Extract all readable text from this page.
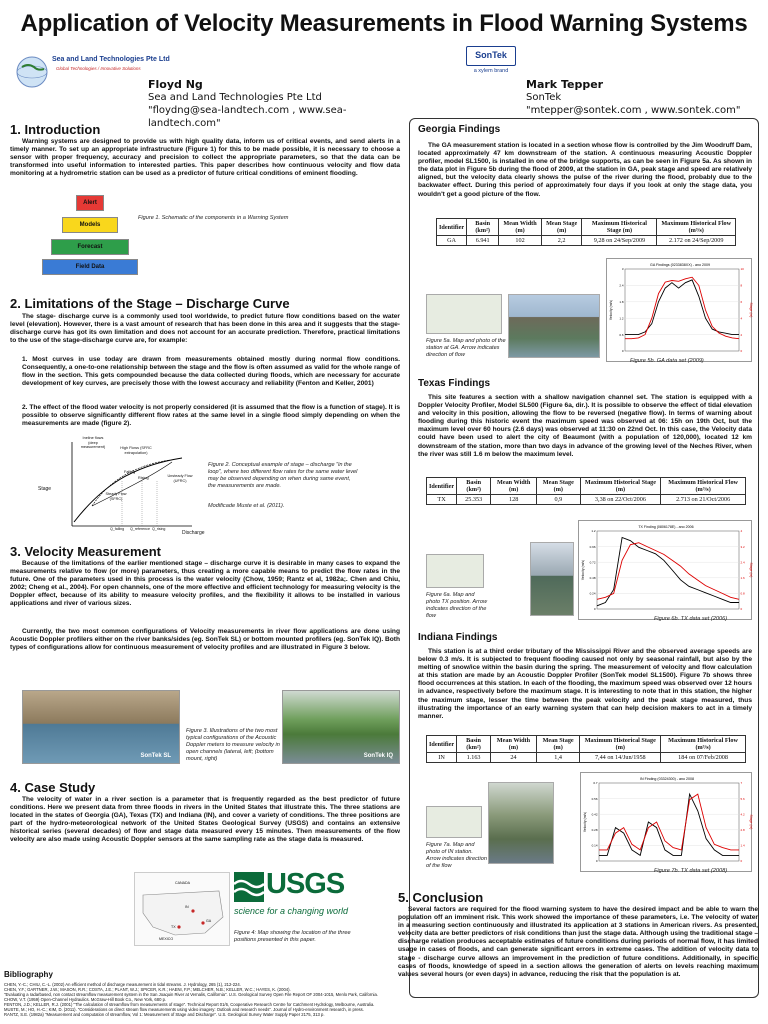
Application of Velocity Measurements in Flood Warning Systems
Sea and Land Technologies Pte Ltd
Global Technologies / Innovative Solutions
Floyd Ng
Sea and Land Technologies Pte Ltd
"floydng@sea-landtech.com , www.sea-landtech.com"
SonTek
a xylem brand
Mark Tepper
SonTek
"mtepper@sontek.com , www.sontek.com"
1. Introduction
Warning systems are designed to provide us with high quality data, inform us of critical events, and send alerts in a timely manner. To set up an appropriate infrastructure (Figure 1) for this to be made possible, it is necessary to choose a sensor with proper frequency, accuracy and precision to collect the appropriate parameters, so that the data can be transformed into useful information to interested parties. This paper describes how continuous velocity and flow data monitoring at a hydrometric station can be used as a predictor of future critical conditions of eminent flooding.
Alert
Models
Forecast
Field Data
Figure 1. Schematic of the components in a Warning System
2. Limitations of the Stage – Discharge Curve
The stage- discharge curve is a commonly used tool worldwide, to predict future flow conditions based on the water level (elevation). However, there is a vast amount of research that has been done in this area and it suggests that the stage-discharge curve has got its own limitation and does not account for an accurate prediction. Therefore, practical limitations to the use of the stage-discharge curve are, for example:
1. Most curves in use today are drawn from measurements obtained mostly during normal flow conditions. Consequently, a one-to-one relationship between the stage and the flow is often assumed as valid for the whole range of flow in the section. This gets compounded because the data collected during floods, which are necessary for accurate development of key curves, are precisely those with the lowest accuracy and reliability (Fenton and Keller, 2001)
2. The effect of the flood water velocity is not properly considered (it is assumed that the flow is a function of stage). It is possible to observe significantly different flow rates at the same level in a single flood simply depending on when the measurements are made (figure 2).
Stage
Discharge
Ineline flows (deep measurement)	High Flows (SFRC extrapolation)
Falling
Rising	Unsteady Flow (UFRC)
Steady Flow (SFRC)
Q_falling Q_reference Q_rising
Figure 2. Conceptual example of stage – discharge "in the loop", where two different flow rates for the same water level may be observed depending on when during same event, the measurements are made.
Modificade Muste et al. (2011).
3. Velocity Measurement
Because of the limitations of the earlier mentioned stage – discharge curve it is desirable in many cases to expand the measurements relative to flow (or more) parameters, thus creating a more capable means to predict the flow rates in the future. One of the parameters used in this process is the water velocity (Chow, 1959; Rantz et al, 1982a;. Chen and Chiu, 2002; Cheng et al., 2004). For open channels, one of the more effective and efficient technology for measuring velocity is the Doppler effect, because of its ability to measure velocity profiles, and the flexibility it allows to be installed in various applications and river of various sizes.
Currently, the two most common configurations of Velocity measurements in river flow applications are done using Acoustic Doppler profilers either on the river banks/sides (eg. SonTek SL) or bottom mounted profilers (eg. SonTek IQ). Both types of configurations allow for continuous measurement of velocity profiles and are illustrated in Figure 3 below.
SonTek SL	SonTek IQ
Figure 3. Illustrations of the two most typical configurations of the Acoustic Doppler meters to measure velocity in open channels (lateral, left; (bottom mount, right)
4. Case Study
The velocity of water in a river section is a parameter that is frequently regarded as the best predictor of future conditions. Here we present data from three floods in rivers in the United States that illustrate this. The three stations are located in the states of Georgia (GA), Texas (TX) and Indiana (IN), and cover a variety of conditions. The three positions are part of the hydro-meteorological network of the United States Geological Survey (USGS) and contains an extensive historical series (several decades) of flow and stage data measured every 15 minutes. Then measurements of the flow velocity are also made using Acoustic Doppler sensors at the same sampling rate as the stage data is measured.
CANADA
IN
TX
GA
MEXICO
USGS
science for a changing world
Figure 4: Map showing the location of the three positions presented in this paper.
Bibliography
CHEN, Y.-C.; CHIU, C.-L. (2002) An efficient method of discharge measurement in tidal streams. J. Hydrology, 265 (1), 212-224.
CHEN, Y.F.; GARTNER, J.W.; MASON, R.R.; COSTA, J.E.; PLANT, W.J.; SPICER, K.R.; HAENI, F.P.; MELCHER, N.B.; KELLER, W.C.; HAYES, K. (2004).
"Evaluating a radarbased, non contact streamflow measurement system in the San Joaquin River at Vernalis, California". U.S. Geological Survey Open File Report OF 2004-1015, Menlo Park, California.
CHOW, V.T. (1959) Open-Channel Hydraulics. McGraw-Hill Book Co., New York, 680 p.
FENTON, J.D.; KELLER, R.J. (2001) "The calculation of streamflow from measurements of stage". Technical Report 01/6, Cooperative Research Centre for Catchment Hydrology, Melbourne, Australia.
MUSTE, M.; HO, H.-C.; KIM, D. (2011). "Considerations on direct stream flow measurements using video imagery: Outlook and research needs". Journal of Hydro-environment research, in press.
RANTZ, S.E. (1982a) "Measurement and computation of streamflow, Vol 1: Measurement of Stage and Discharge". U.S. Geological Survey Water Supply Paper 2175, 313 p.
Georgia Findings
The GA measurement station is located in a section whose flow is controlled by the Jim Woodruff Dam, located approximately 47 km downstream of the station. A continuous measuring Acoustic Doppler profiler, model SL1500, is installed in one of the bridge supports, as can be seen in Figure 5a. As shown in the data plot in Figure 5b during the flood of 2009, at the station in GA, peak stage and speed are relatively aligned, but the velocity data clearly shows the pulse of the river during the flood, probably due to the backwater effect. During this period of approximately four days if you look at only the stage data, you wouldn't get a good picture of the flow.
Identifier	Basin (km²)	Mean Width (m)	Mean Stage (m)	Maximum Historical Stage (m)	Maximum Historical Flow (m³/s)
GA	6.941	102	2,2	9,28 on 24/Sep/2009	2.172 on 24/Sep/2009
Figure 5a. Map and photo of the station at GA. Arrow indicates direction of flow
GA Findings (0233838XX) - ano 2009
Velocity (m/s)	Stage (m)
0	0
0.6	2
1.2	4
1.8	6
2.4	8
3	10
Figure 5b. GA data set (2009)
Texas Findings
This site features a section with a shallow navigation channel set. The station is equipped with a Doppler Velocity Profiler, Model SL500 (Figure 6a, dir.). It is possible to observe the effect of tidal elevation and velocity in this position, allowing the flow to be reversed (negative flow). In terms of warning about flooding during this historic event the maximum speed was observed at 06: 15h on 19th Oct, but the maximum level over 60 hours (2.6 days) was observed at 11:30 on 22nd Oct. In this case, the Velocity data could have been used to alert the city of Beaumont (with a population of 120,000), located 12 km downstream of the station, more than two days in advance of the growing level of the Neches River, when the river was still 1.6 m below the maximum level.
Identifier	Basin (km²)	Mean Width (m)	Mean Stage (m)	Maximum Historical Stage (m)	Maximum Historical Flow (m³/s)
TX	25.353	128	0,9	3,38 on 22/Oct/2006	2.713 on 21/Oct/2006
Figure 6a. Map and photo TX position. Arrow indicates direction of the flow
TX Finding (0806178E) - ano 2006
Velocity (m/s)	Stage (m)
0	0
0.24	0.8
0.48	1.6
0.72	2.4
0.96	3.2
1.2	4
Figure 6b. TX data set (2006)
Indiana Findings
This station is at a third order tributary of the Mississippi River and the observed average speeds are below 0.3 m/s. It is subjected to frequent flooding caused not only by seasonal rainfall, but also by the melting of snow/ice within the basin during the spring. The measurement of velocity and flow calculation at this station are made by an Acoustic Doppler Profiler (SonTek model SL1500). Figure 7b shows three flood occurrences at this station. In each of the flooding, the maximum speed was observed over 12 hours in advance, respectively before the maximum stage. It is interesting to note that in this station, the higher the maximum stage, lesser the time between the peak velocity and the peak stage measured, thus illustrating the importance of an early warning system that can help decision makers to act in a timely manner.
Identifier	Basin (km²)	Mean Width (m)	Mean Stage (m)	Maximum Historical Stage (m)	Maximum Historical Flow (m³/s)
IN	1.163	24	1,4	7,44 on 14/Jun/1958	184 on 07/Feb/2008
Figure 7a. Map and photo of IN station. Arrow indicates direction of the flow
IN Finding (03324300) - ano 2008
Velocity (m/s)	Stage (m)
0	0
0.14	1.4
0.28	2.8
0.42	4.2
0.56	5.6
0.7	7
Figure 7b. TX data set (2008)
5. Conclusion
Several factors are required for the flood warning system to have the desired impact and be able to warn the population off an imminent risk. This work showed the importance of these parameters, i.e. The velocity of water in a measuring section continuously and illustrated its application at 3 stations in American rivers. As presented, velocity data are better predictors of risk conditions than just the stage data. Although using the traditional stage – discharge relation produces acceptable estimates of future conditions during periods of normal flow, it has limited usage in cases of floods, and can generate significant errors in extreme cases. The addition of velocity data to stage - discharge curve allows an improvement in the prediction of future conditions. Additionally, in specific cases of floods, knowledge of speed in a section allows the generation of alerts on levels reaching maximum values several hours (or even days) in advance, reducing the risk that the population is at.
